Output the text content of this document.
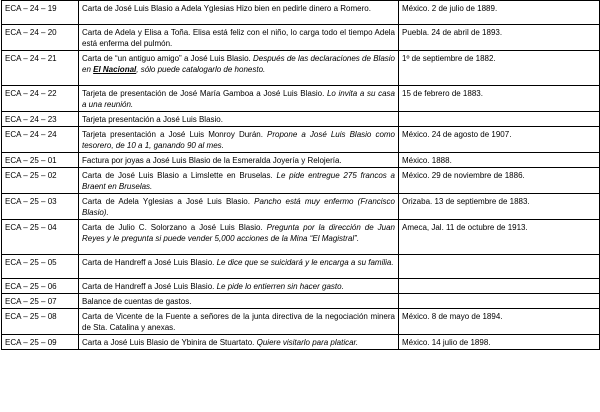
ECA – 24 – 19	Carta de José Luis Blasio a Adela Yglesias Hizo bien en pedirle dinero a Romero.	México. 2 de julio de 1889.
ECA – 24 – 20	Carta de Adela y Elisa a Toña. Elisa está feliz con el niño, lo carga todo el tiempo Adela está enferma del pulmón.	Puebla. 24 de abril de 1893.
ECA – 24 – 21	Carta de “un antiguo amigo” a José Luis Blasio. Después de las declaraciones de Blasio en El Nacional, sólo puede catalogarlo de honesto.	1º de septiembre de 1882.
ECA – 24 – 22	Tarjeta de presentación de José María Gamboa a José Luis Blasio. Lo invita a su casa a una reunión.	15 de febrero de 1883.
ECA – 24 – 23	Tarjeta presentación a José Luis Blasio.	
ECA – 24 – 24	Tarjeta presentación a José Luis Monroy Durán. Propone a José Luis Blasio como tesorero, de 10 a 1, ganando 90 al mes.	México. 24 de agosto de 1907.
ECA – 25 – 01	Factura por joyas a José Luis Blasio de la Esmeralda Joyería y Relojería.	México. 1888.
ECA – 25 – 02	Carta de José Luis Blasio a Limslette en Bruselas. Le pide entregue 275 francos a Braent en Bruselas.	México. 29 de noviembre de 1886.
ECA – 25 – 03	Carta de Adela Yglesias a José Luis Blasio. Pancho está muy enfermo (Francisco Blasio).	Orizaba. 13 de septiembre de 1883.
ECA – 25 – 04	Carta de Julio C. Solorzano a José Luis Blasio. Pregunta por la dirección de Juan Reyes y le pregunta si puede vender 5,000 acciones de la Mina “El Magistral”.	Ameca, Jal. 11 de octubre de 1913.
ECA – 25 – 05	Carta de Handreff a José Luis Blasio. Le dice que se suicidará y le encarga a su familia.	
ECA – 25 – 06	Carta de Handreff a José Luis Blasio. Le pide lo entierren sin hacer gasto.	
ECA – 25 – 07	Balance de cuentas de gastos.	
ECA – 25 – 08	Carta de Vicente de la Fuente a señores de la junta directiva de la negociación minera de Sta. Catalina y anexas.	México. 8 de mayo de 1894.
ECA – 25 – 09	Carta a José Luis Blasio de Ybinira de Stuartato. Quiere visitarlo para platicar.	México. 14 julio de 1898.
